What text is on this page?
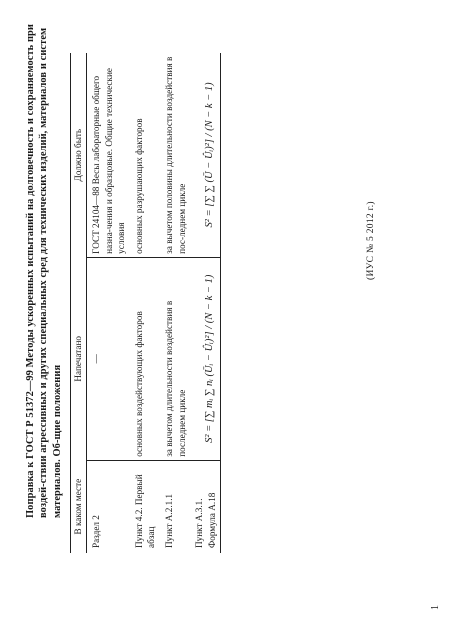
Поправка к ГОСТ Р 51372—99 Методы ускоренных испытаний на долговечность и сохраняемость при воздей-ствии агрессивных и других специальных сред для технических изделий, материалов и систем материалов. Об-щие положения В каком месте	Напечатано	Должно быть

Раздел 2	—	ГОСТ 24104—88 Весы лабораторные общего назна-чения и образцовые. Общие технические условия

Пункт 4.2. Первый абзац	основных воздействующих факторов	основных разрушающих факторов

Пункт А.2.1.1	за вычетом длительности воздействия в последнем цикле	за вычетом половины длительности воздействия в пос-леднем цикле

Пункт А.3.1. Формула А.18	S² = [∑ mᵢ ∑ nᵢ (Ūᵢ − Ûᵢ)²] / (N − k − 1)	S² = [∑ ∑ (Ū − Ûᵢ)²] / (N − k − 1)
(ИУС № 5 2012 г.)
1
